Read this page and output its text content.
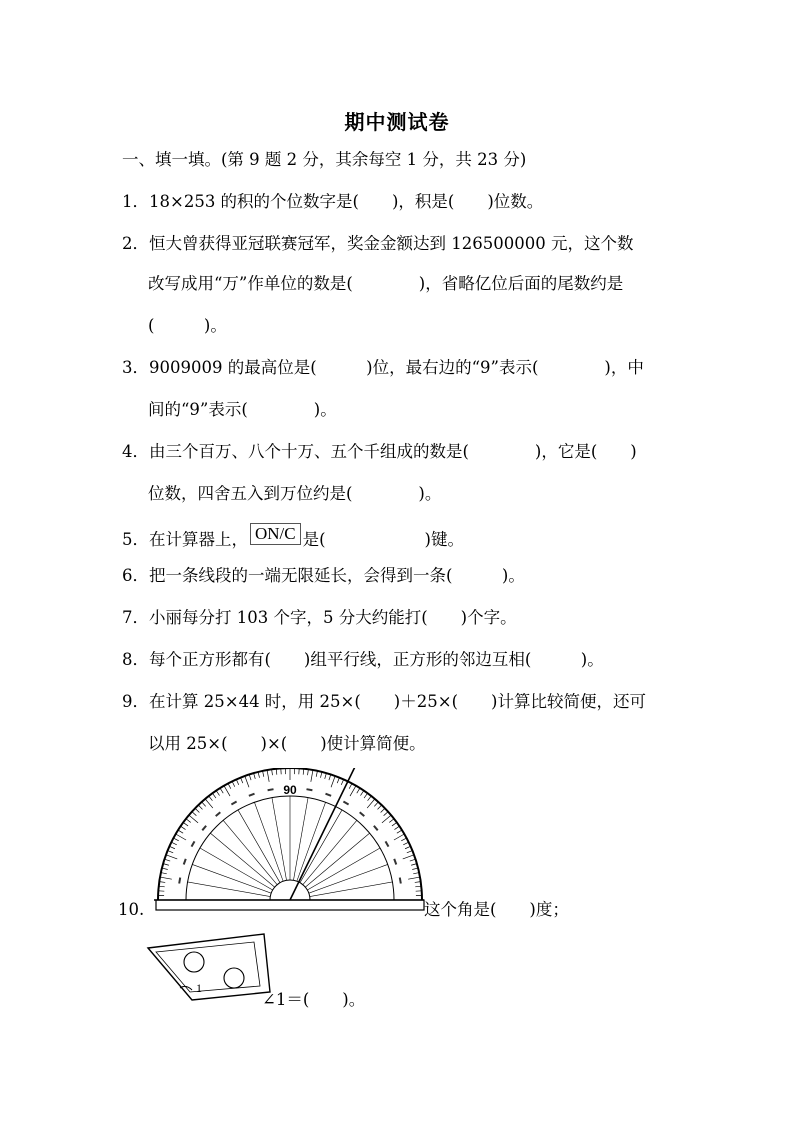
期中测试卷
一、填一填。(第 9 题 2 分，其余每空 1 分，共 23 分)
1．18×253 的积的个位数字是(　　)，积是(　　)位数。
2．恒大曾获得亚冠联赛冠军，奖金金额达到 126500000 元，这个数
改写成用“万”作单位的数是(　　　　)，省略亿位后面的尾数约是
(　　　)。
3．9009009 的最高位是(　　　)位，最右边的“9”表示(　　　　)，中
间的“9”表示(　　　　)。
4．由三个百万、八个十万、五个千组成的数是(　　　　)，它是(　　)
位数，四舍五入到万位约是(　　　　)。
5．在计算器上， ON/C 是(　　　　　　)键。
6．把一条线段的一端无限延长，会得到一条(　　　)。
7．小丽每分打 103 个字，5 分大约能打(　　)个字。
8．每个正方形都有(　　)组平行线，正方形的邻边互相(　　　)。
9．在计算 25×44 时，用 25×(　　)＋25×(　　)计算比较简便，还可
以用 25×(　　)×(　　)使计算简便。
10.
90
这个角是(　　)度；
1
∠1＝(　　)。
